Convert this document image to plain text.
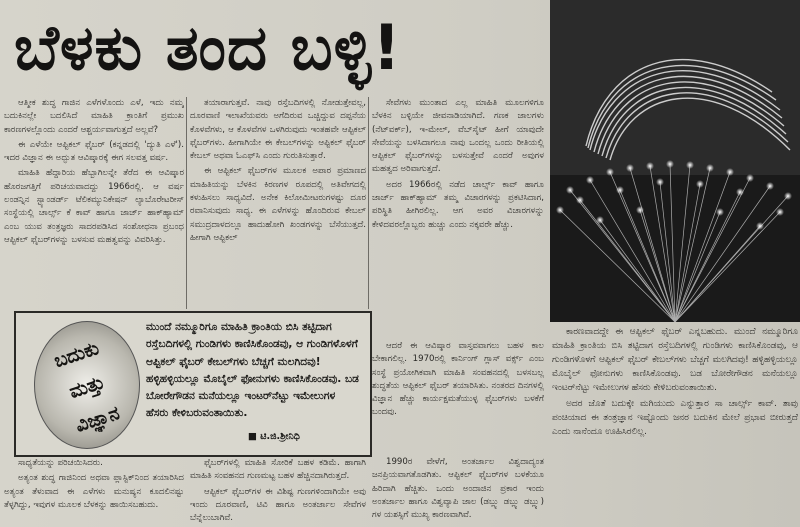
ಬೆಳಕು ತಂದ ಬಳ್ಳಿ!

ಆತ್ಮೀಕ ಶುದ್ಧ ಗಾಜಿನ ಎಳೆಗಳೊಂದು ಎಳೆ, ಇದು ನಮ್ಮ ಬದುಕಿನಲ್ಲೇ ಬದಲಿಸಿದೆ ಮಾಹಿತಿ ಕ್ರಾಂತಿಗೆ ಪ್ರಮುಖ ಕಾರಣಗಳಲ್ಲೊಂದು ಎಂದರೆ ಆಶ್ಚರ್ಯವಾಗುತ್ತದೆ ಅಲ್ಲವೆ?

ಈ ಎಳೆಯೇ ಆಪ್ಟಿಕಲ್ ಫೈಬರ್ (ಕನ್ನಡದಲ್ಲಿ 'ದ್ಯುತಿ ಎಳೆ'). ಇದರ ವಿಜ್ಞಾನ ಈ ಅದ್ಭುತ ಆವಿಷ್ಕಾರಕ್ಕೆ ಈಗ ಸಲವತ್ತ ವರ್ಷ.

ಮಾಹಿತಿ ಹೆದ್ದಾರಿಯ ಹೆಬ್ಬಾಗಿಲನ್ನೇ ತೆರೆದ ಈ ಆವಿಷ್ಕಾರ ಹೊರಜಗತ್ತಿಗೆ ಪರಿಚಯವಾದದ್ದು 1966ರಲ್ಲಿ. ಆ ವರ್ಷ ಲಂಡನ್ನಿನ ಸ್ಟ್ಯಾಂಡರ್ಡ್ ಟೆಲಿಕಮ್ಯುನಿಕೇಷನ್ ಲ್ಯಾಬೊರೇಟರೀಸ್ ಸಂಸ್ಥೆಯಲ್ಲಿ ಚಾರ್ಲ್ಸ್ ಕೆ ಕಾವ್ ಹಾಗೂ ಜಾರ್ಜ್ ಹಾಕ್‌ಹ್ಯಾಮ್ ಎಂಬ ಯುವ ತಂತ್ರಜ್ಞರು ಸಾದರಪಡಿಸಿದ ಸಂಶೋಧನಾ ಪ್ರಬಂಧ ಆಪ್ಟಿಕಲ್ ಫೈಬರ್‌ಗಳನ್ನು ಬಳಸುವ ಮಹತ್ವವನ್ನು ವಿವರಿಸಿತ್ತು.

ತಯಾರಾಗುತ್ತವೆ. ನಾವು ರಸ್ತೆಬದಿಗಳಲ್ಲಿ ನೋಡುತ್ತೇವಲ್ಲ, ದೂರವಾಣಿ ಇಲಾಖೆಯವರು ಅಗೆದಿರುವ ಒಚ್ಚಿದ್ದುವ ದಪ್ಪನೆಯ ಕೊಳವೆಗಳು, ಆ ಕೊಳವೆಗಳ ಒಳಗಿರುವುದು ಇಂತಹವೇ ಆಪ್ಟಿಕಲ್ ಫೈಬರ್‌ಗಳು. ಹೀಗಾಗಿಯೇ ಈ ಕೇಬಲ್‌ಗಳನ್ನು ಆಪ್ಟಿಕಲ್ ಫೈಬರ್ ಕೇಬಲ್ ಅಥವಾ ಓಎಫ್‌ಸಿ ಎಂದು ಗುರುತಿಸುತ್ತಾರೆ.

ಈ ಆಪ್ಟಿಕಲ್ ಫೈಬರ್‌ಗಳ ಮೂಲಕ ಅಪಾರ ಪ್ರಮಾಣದ ಮಾಹಿತಿಯನ್ನು ಬೆಳಕಿನ ಕಿರಣಗಳ ರೂಪದಲ್ಲಿ ಅತಿವೇಗದಲ್ಲಿ ಕಳುಹಿಸಲು ಸಾಧ್ಯವಿದೆ. ಅನೇಕ ಕಿಲೋಮೀಟರುಗಳಷ್ಟು ದೂರ ರವಾನಿಸುವುದು ಸಾಧ್ಯ. ಈ ಎಳೆಗಳನ್ನು ಹೊಂದಿರುವ ಕೇಬಲ್ ಸಮುದ್ರದಾಳದಲ್ಲೂ ಹಾದುಹೋಗಿ ಖಂಡಗಳನ್ನು ಬೆಸೆಯುತ್ತದೆ. ಹೀಗಾಗಿ ಆಪ್ಟಿಕಲ್

ಸೇವೆಗಳು ಮುಂತಾದ ಎಲ್ಲ ಮಾಹಿತಿ ಮೂಲಗಳಿಗೂ ಬೆಳಕಿನ ಬಳ್ಳಿಯೇ ಜೀವನಾಡಿಯಾಗಿದೆ. ಗಣಕ ಜಾಲಗಳು (ನೆಟ್‌ವರ್ಕ್), ಇ-ಮೇಲ್, ವೆಬ್‌ಸೈಟ್ ಹೀಗೆ ಯಾವುದೇ ಸೇವೆಯನ್ನು ಬಳಸಿದಾಗಲೂ ನಾವು ಒಂದಲ್ಲ ಒಂದು ರೀತಿಯಲ್ಲಿ ಆಪ್ಟಿಕಲ್ ಫೈಬರ್‌ಗಳನ್ನು ಬಳಸುತ್ತೇವೆ ಎಂದರೆ ಅವುಗಳ ಮಹತ್ವದ ಅರಿವಾಗುತ್ತದೆ.

ಅದರ 1966ರಲ್ಲಿ ನಡೆದ ಚಾರ್ಲ್ಸ್ ಕಾವ್ ಹಾಗೂ ಜಾರ್ಜ್ ಹಾಕ್‌ಹ್ಯಾಮ್ ತಮ್ಮ ವಿಚಾರಗಳನ್ನು ಪ್ರಕಟಿಸಿದಾಗ, ಪರಿಸ್ಥಿತಿ ಹೀಗಿರಲಿಲ್ಲ. ಆಗ ಅವರ ವಿಚಾರಗಳನ್ನು ಕೇಳಿದವರಲ್ಲೊಬ್ಬರು ಹುಚ್ಚು ಎಂದು ನಕ್ಕವರೇ ಹೆಚ್ಚು.

ಆದರೆ ಈ ಆವಿಷ್ಕಾರ ವಾಸ್ತವವಾಗಲು ಬಹಳ ಕಾಲ ಬೇಕಾಗಲಿಲ್ಲ. 1970ರಲ್ಲಿ ಕಾರ್ನಿಂಗ್ ಗ್ಲಾಸ್ ವರ್ಕ್ಸ್ ಎಂಬ ಸಂಸ್ಥೆ ಪ್ರಯೋಗಿಕವಾಗಿ ಮಾಹಿತಿ ಸಂವಹನದಲ್ಲಿ ಬಳಸಬಲ್ಲ ಶುದ್ಧತೆಯ ಆಪ್ಟಿಕಲ್ ಫೈಬರ್ ತಯಾರಿಸಿತು. ನಂತರದ ದಿನಗಳಲ್ಲಿ ವಿಜ್ಞಾನ ಹೆಚ್ಚು ಕಾರ್ಯಕ್ಷಮತೆಯುಳ್ಳ ಫೈಬರ್‌ಗಳು ಬಳಕೆಗೆ ಬಂದವು.

1990ರ ವೇಳೆಗೆ, ಅಂತರ್ಜಾಲ ವಿಶ್ವದಾದ್ಯಂತ ಜನಪ್ರಿಯವಾಗತೊಡಗಿತು. ಆಪ್ಟಿಕಲ್ ಫೈಬರ್‌ಗಳ ಬಳಕೆಯೂ ಹಿರಿದಾಗಿ ಹೆಚ್ಚಿತು. ಒಂದು ಅಂದಾಜಿನ ಪ್ರಕಾರ ಇಂದು ಅಂತರ್ಜಾಲ ಹಾಗೂ ವಿಶ್ವವ್ಯಾಪಿ ಜಾಲ (ಡಬ್ಲ್ಯು ಡಬ್ಲ್ಯು ಡಬ್ಲ್ಯು) ಗಳ ಯಶಸ್ಸಿಗೆ ಮುಖ್ಯ ಕಾರಣವಾಗಿವೆ.

ಸಾಧ್ಯತೆಯನ್ನು ಪರಿಚಯಿಸಿದರು.

ಅತ್ಯಂತ ಶುದ್ಧ ಗಾಜಿನಿಂದ ಅಥವಾ ಪ್ಲಾಸ್ಟಿಕ್‌ನಿಂದ ತಯಾರಿಸಿದ ಅತ್ಯಂತ ತೆಳುವಾದ ಈ ಎಳೆಗಳು ಮನುಷ್ಯನ ಕೂದಲಿನಷ್ಟು ತೆಳ್ಳಗಿದ್ದು, ಇವುಗಳ ಮೂಲಕ ಬೆಳಕನ್ನು ಹಾಯಿಸಬಹುದು.

ಫೈಬರ್‌ಗಳಲ್ಲಿ ಮಾಹಿತಿ ಸೋರಿಕೆ ಬಹಳ ಕಡಿಮೆ. ಹಾಗಾಗಿ ಮಾಹಿತಿ ಸಂವಹನದ ಗುಣಮಟ್ಟ ಬಹಳ ಹೆಚ್ಚಿನದಾಗಿರುತ್ತದೆ.

ಆಪ್ಟಿಕಲ್ ಫೈಬರ್‌ಗಳ ಈ ವಿಶಿಷ್ಟ ಗುಣಗಳಿಂದಾಗಿಯೇ ಅವು ಇಂದು ದೂರವಾಣಿ, ಟಿವಿ ಹಾಗೂ ಅಂತರ್ಜಾಲ ಸೇವೆಗಳ ಬೆನ್ನೆಲುಬಾಗಿವೆ.

ಕಾರಣವಾದದ್ದೇ ಈ ಆಪ್ಟಿಕಲ್ ಫೈಬರ್ ಎನ್ನಬಹುದು. ಮುಂದೆ ನಮ್ಮೂರಿಗೂ ಮಾಹಿತಿ ಕ್ರಾಂತಿಯ ಬಿಸಿ ತಟ್ಟಿದಾಗ ರಸ್ತೆಬದಿಗಳಲ್ಲಿ ಗುಂಡಿಗಳು ಕಾಣಿಸಿಕೊಂಡವು, ಆ ಗುಂಡಿಗಳೊಳಗೆ ಆಪ್ಟಿಕಲ್ ಫೈಬರ್ ಕೇಬಲ್‌ಗಳು ಬೆಚ್ಚಗೆ ಮಲಗಿದವು! ಹಳ್ಳಿಹಳ್ಳಿಯಲ್ಲೂ ಮೊಬೈಲ್ ಫೋನುಗಳು ಕಾಣಿಸಿಕೊಂಡವು. ಬಡ ಬೋರೇಗೌಡನ ಮನೆಯಲ್ಲೂ ಇಂಟರ್‌ನೆಟ್ಟು ಇಮೇಲುಗಳ ಹೆಸರು ಕೇಳಿಬರುವಂತಾಯಿತು.

ಅದರ ಜೊತೆ ಬದುಕ್ಕೇ ಮಗಿಯುದು ಎನ್ನುತ್ತಾರ ಸಾ ಚಾರ್ಲ್ಸ್ ಕಾವ್. ತಾವು ಪಂಚಿಯಾದ ಈ ತಂತ್ರಜ್ಞಾನ ಇಷ್ಟೊಂದು ಜನರ ಬದುಕಿನ ಮೇಲೆ ಪ್ರಭಾವ ಬೀರುತ್ತದೆ ಎಂದು ನಾನೆಂದೂ ಊಹಿಸಿರಲಿಲ್ಲ.

ಬದುಕು
ಮತ್ತು
ವಿಜ್ಞಾನ
ಮುಂದೆ ನಮ್ಮೂರಿಗೂ ಮಾಹಿತಿ ಕ್ರಾಂತಿಯ ಬಿಸಿ ತಟ್ಟಿದಾಗ ರಸ್ತೆಬದಿಗಳಲ್ಲಿ ಗುಂಡಿಗಳು ಕಾಣಿಸಿಕೊಂಡವು, ಆ ಗುಂಡಿಗಳೊಳಗೆ ಆಪ್ಟಿಕಲ್ ಫೈಬರ್ ಕೇಬಲ್‌ಗಳು ಬೆಚ್ಚಗೆ ಮಲಗಿದವು! ಹಳ್ಳಿಹಳ್ಳಿಯಲ್ಲೂ ಮೊಬೈಲ್ ಫೋನುಗಳು ಕಾಣಿಸಿಕೊಂಡವು. ಬಡ ಬೋರೇಗೌಡನ ಮನೆಯಲ್ಲೂ ಇಂಟರ್‌ನೆಟ್ಟು ಇಮೇಲುಗಳ ಹೆಸರು ಕೇಳಿಬರುವಂತಾಯಿತು.
■ ಟಿ.ಜಿ.ಶ್ರೀನಿಧಿ
